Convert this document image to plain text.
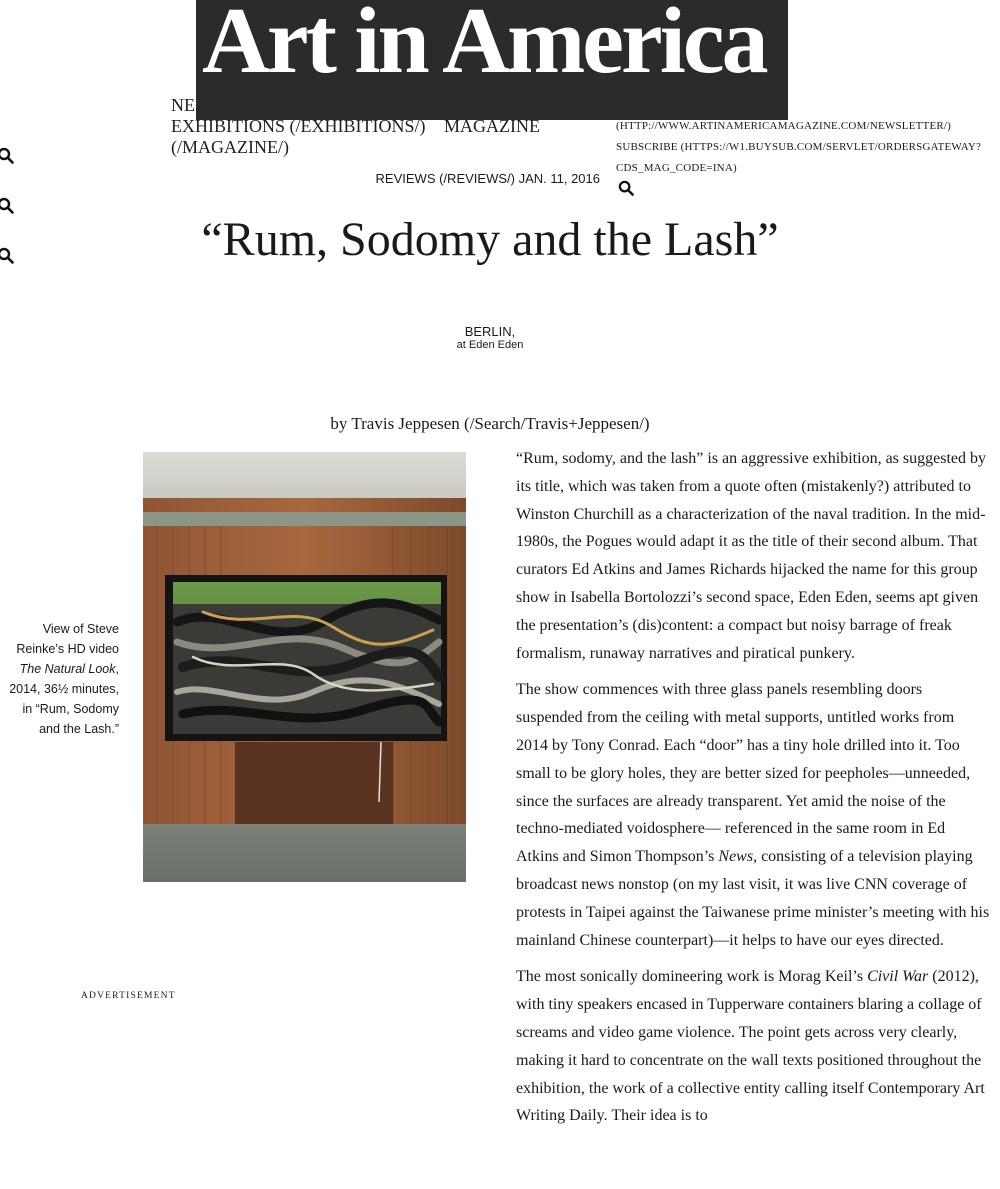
Art in America
NE
EXHIBITIONS (/EXHIBITIONS/) MAGAZINE
(/MAGAZINE/)
(HTTP://WWW.ARTINAMERICAMAGAZINE.COM/NEWSLETTER/)
SUBSCRIBE (HTTPS://W1.BUYSUB.COM/SERVLET/ORDERSGATEWAY?
CDS_MAG_CODE=INA)
REVIEWS (/REVIEWS/) JAN. 11, 2016
“Rum, Sodomy and the Lash”
BERLIN,
at Eden Eden
by Travis Jeppesen (/Search/Travis+Jeppesen/)
View of Steve
Reinke’s HD video
The Natural Look,
2014, 36½ minutes,
in “Rum, Sodomy
and the Lash.”
ADVERTISEMENT

“Rum, sodomy, and the lash” is an aggressive exhibition, as suggested by its title, which was taken from a quote often (mistakenly?) attributed to Winston Churchill as a characterization of the naval tradition. In the mid-1980s, the Pogues would adapt it as the title of their second album. That curators Ed Atkins and James Richards hijacked the name for this group show in Isabella Bortolozzi’s second space, Eden Eden, seems apt given the presentation’s (dis)content: a compact but noisy barrage of freak formalism, runaway narratives and piratical punkery.

The show commences with three glass panels resembling doors suspended from the ceiling with metal supports, untitled works from 2014 by Tony Conrad. Each “door” has a tiny hole drilled into it. Too small to be glory holes, they are better sized for peepholes—unneeded, since the surfaces are already transparent. Yet amid the noise of the techno-mediated voidosphere— referenced in the same room in Ed Atkins and Simon Thompson’s News, consisting of a television playing broadcast news nonstop (on my last visit, it was live CNN coverage of protests in Taipei against the Taiwanese prime minister’s meeting with his mainland Chinese counterpart)—it helps to have our eyes directed.

The most sonically domineering work is Morag Keil’s Civil War (2012), with tiny speakers encased in Tupperware containers blaring a collage of screams and video game violence. The point gets across very clearly, making it hard to concentrate on the wall texts positioned throughout the exhibition, the work of a collective entity calling itself Contemporary Art Writing Daily. Their idea is to
